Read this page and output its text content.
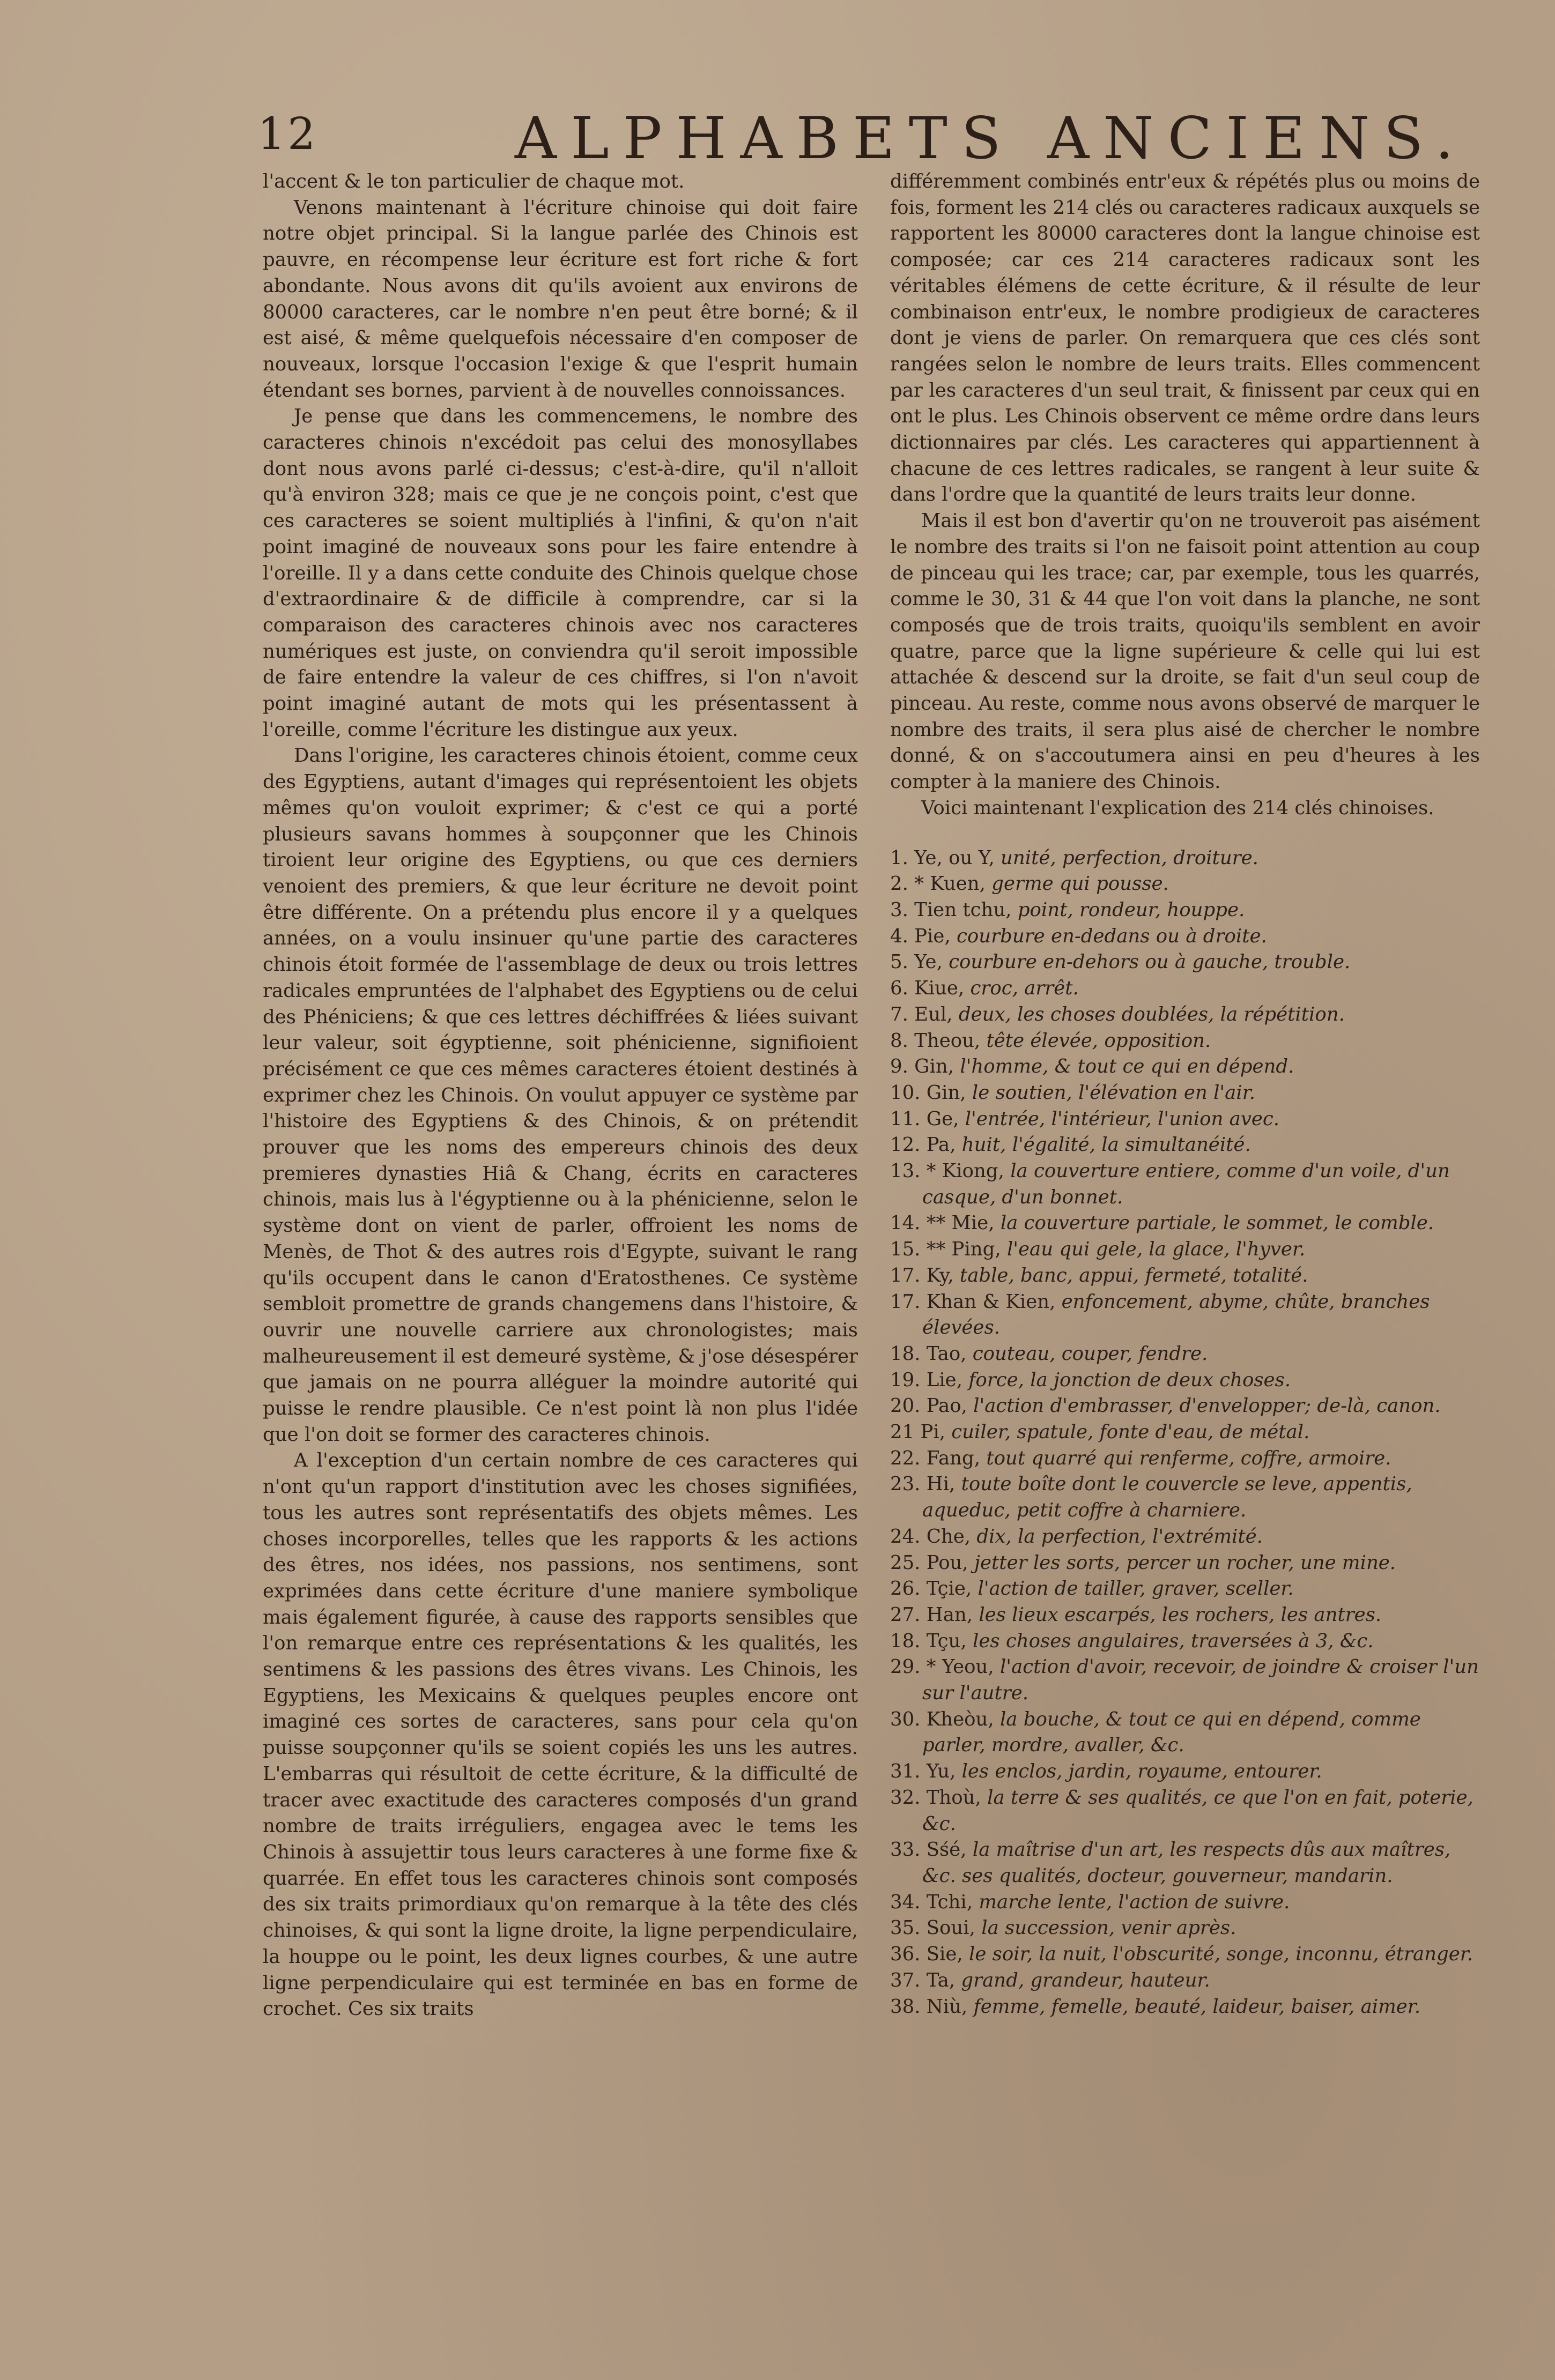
12	ALPHABETS ANCIENS.

l'accent & le ton particulier de chaque mot.

Venons maintenant à l'écriture chinoise qui doit faire notre objet principal. Si la langue parlée des Chinois est pauvre, en récompense leur écriture est fort riche & fort abondante. Nous avons dit qu'ils avoient aux environs de 80000 caracteres, car le nombre n'en peut être borné; & il est aisé, & même quelquefois nécessaire d'en composer de nouveaux, lorsque l'occasion l'exige & que l'esprit humain étendant ses bornes, parvient à de nouvelles connoissances.

Je pense que dans les commencemens, le nombre des caracteres chinois n'excédoit pas celui des monosyllabes dont nous avons parlé ci-dessus; c'est-à-dire, qu'il n'alloit qu'à environ 328; mais ce que je ne conçois point, c'est que ces caracteres se soient multipliés à l'infini, & qu'on n'ait point imaginé de nouveaux sons pour les faire entendre à l'oreille. Il y a dans cette conduite des Chinois quelque chose d'extraordinaire & de difficile à comprendre, car si la comparaison des caracteres chinois avec nos caracteres numériques est juste, on conviendra qu'il seroit impossible de faire entendre la valeur de ces chiffres, si l'on n'avoit point imaginé autant de mots qui les présentassent à l'oreille, comme l'écriture les distingue aux yeux.

Dans l'origine, les caracteres chinois étoient, comme ceux des Egyptiens, autant d'images qui représentoient les objets mêmes qu'on vouloit exprimer; & c'est ce qui a porté plusieurs savans hommes à soupçonner que les Chinois tiroient leur origine des Egyptiens, ou que ces derniers venoient des premiers, & que leur écriture ne devoit point être différente. On a prétendu plus encore il y a quelques années, on a voulu insinuer qu'une partie des caracteres chinois étoit formée de l'assemblage de deux ou trois lettres radicales empruntées de l'alphabet des Egyptiens ou de celui des Phéniciens; & que ces lettres déchiffrées & liées suivant leur valeur, soit égyptienne, soit phénicienne, signifioient précisément ce que ces mêmes caracteres étoient destinés à exprimer chez les Chinois. On voulut appuyer ce système par l'histoire des Egyptiens & des Chinois, & on prétendit prouver que les noms des empereurs chinois des deux premieres dynasties Hiâ & Chang, écrits en caracteres chinois, mais lus à l'égyptienne ou à la phénicienne, selon le système dont on vient de parler, offroient les noms de Menès, de Thot & des autres rois d'Egypte, suivant le rang qu'ils occupent dans le canon d'Eratosthenes. Ce système sembloit promettre de grands changemens dans l'histoire, & ouvrir une nouvelle carriere aux chronologistes; mais malheureusement il est demeuré système, & j'ose désespérer que jamais on ne pourra alléguer la moindre autorité qui puisse le rendre plausible. Ce n'est point là non plus l'idée que l'on doit se former des caracteres chinois.

A l'exception d'un certain nombre de ces caracteres qui n'ont qu'un rapport d'institution avec les choses signifiées, tous les autres sont représentatifs des objets mêmes. Les choses incorporelles, telles que les rapports & les actions des êtres, nos idées, nos passions, nos sentimens, sont exprimées dans cette écriture d'une maniere symbolique mais également figurée, à cause des rapports sensibles que l'on remarque entre ces représentations & les qualités, les sentimens & les passions des êtres vivans. Les Chinois, les Egyptiens, les Mexicains & quelques peuples encore ont imaginé ces sortes de caracteres, sans pour cela qu'on puisse soupçonner qu'ils se soient copiés les uns les autres. L'embarras qui résultoit de cette écriture, & la difficulté de tracer avec exactitude des caracteres composés d'un grand nombre de traits irréguliers, engagea avec le tems les Chinois à assujettir tous leurs caracteres à une forme fixe & quarrée. En effet tous les caracteres chinois sont composés des six traits primordiaux qu'on remarque à la tête des clés chinoises, & qui sont la ligne droite, la ligne perpendiculaire, la houppe ou le point, les deux lignes courbes, & une autre ligne perpendiculaire qui est terminée en bas en forme de crochet. Ces six traits

différemment combinés entr'eux & répétés plus ou moins de fois, forment les 214 clés ou caracteres radicaux auxquels se rapportent les 80000 caracteres dont la langue chinoise est composée; car ces 214 caracteres radicaux sont les véritables élémens de cette écriture, & il résulte de leur combinaison entr'eux, le nombre prodigieux de caracteres dont je viens de parler. On remarquera que ces clés sont rangées selon le nombre de leurs traits. Elles commencent par les caracteres d'un seul trait, & finissent par ceux qui en ont le plus. Les Chinois observent ce même ordre dans leurs dictionnaires par clés. Les caracteres qui appartiennent à chacune de ces lettres radicales, se rangent à leur suite & dans l'ordre que la quantité de leurs traits leur donne.

Mais il est bon d'avertir qu'on ne trouveroit pas aisément le nombre des traits si l'on ne faisoit point attention au coup de pinceau qui les trace; car, par exemple, tous les quarrés, comme le 30, 31 & 44 que l'on voit dans la planche, ne sont composés que de trois traits, quoiqu'ils semblent en avoir quatre, parce que la ligne supérieure & celle qui lui est attachée & descend sur la droite, se fait d'un seul coup de pinceau. Au reste, comme nous avons observé de marquer le nombre des traits, il sera plus aisé de chercher le nombre donné, & on s'accoutumera ainsi en peu d'heures à les compter à la maniere des Chinois.

Voici maintenant l'explication des 214 clés chinoises.

1. Ye, ou Y, unité, perfection, droiture.
2. * Kuen, germe qui pousse.
3. Tien tchu, point, rondeur, houppe.
4. Pie, courbure en-dedans ou à droite.
5. Ye, courbure en-dehors ou à gauche, trouble.
6. Kiue, croc, arrêt.
7. Eul, deux, les choses doublées, la répétition.
8. Theou, tête élevée, opposition.
9. Gin, l'homme, & tout ce qui en dépend.
10. Gin, le soutien, l'élévation en l'air.
11. Ge, l'entrée, l'intérieur, l'union avec.
12. Pa, huit, l'égalité, la simultanéité.
13. * Kiong, la couverture entiere, comme d'un voile, d'un casque, d'un bonnet.
14. ** Mie, la couverture partiale, le sommet, le comble.
15. ** Ping, l'eau qui gele, la glace, l'hyver.
17. Ky, table, banc, appui, fermeté, totalité.
17. Khan & Kien, enfoncement, abyme, chûte, branches élevées.
18. Tao, couteau, couper, fendre.
19. Lie, force, la jonction de deux choses.
20. Pao, l'action d'embrasser, d'envelopper; de-là, canon.
21 Pi, cuiler, spatule, fonte d'eau, de métal.
22. Fang, tout quarré qui renferme, coffre, armoire.
23. Hi, toute boîte dont le couvercle se leve, appentis, aqueduc, petit coffre à charniere.
24. Che, dix, la perfection, l'extrémité.
25. Pou, jetter les sorts, percer un rocher, une mine.
26. Tçie, l'action de tailler, graver, sceller.
27. Han, les lieux escarpés, les rochers, les antres.
18. Tçu, les choses angulaires, traversées à 3, &c.
29. * Yeou, l'action d'avoir, recevoir, de joindre & croiser l'un sur l'autre.
30. Kheòu, la bouche, & tout ce qui en dépend, comme parler, mordre, avaller, &c.
31. Yu, les enclos, jardin, royaume, entourer.
32. Thoù, la terre & ses qualités, ce que l'on en fait, poterie, &c.
33. Sśé, la maîtrise d'un art, les respects dûs aux maîtres, &c. ses qualités, docteur, gouverneur, mandarin.
34. Tchi, marche lente, l'action de suivre.
35. Soui, la succession, venir après.
36. Sie, le soir, la nuit, l'obscurité, songe, inconnu, étranger.
37. Ta, grand, grandeur, hauteur.
38. Niù, femme, femelle, beauté, laideur, baiser, aimer.
